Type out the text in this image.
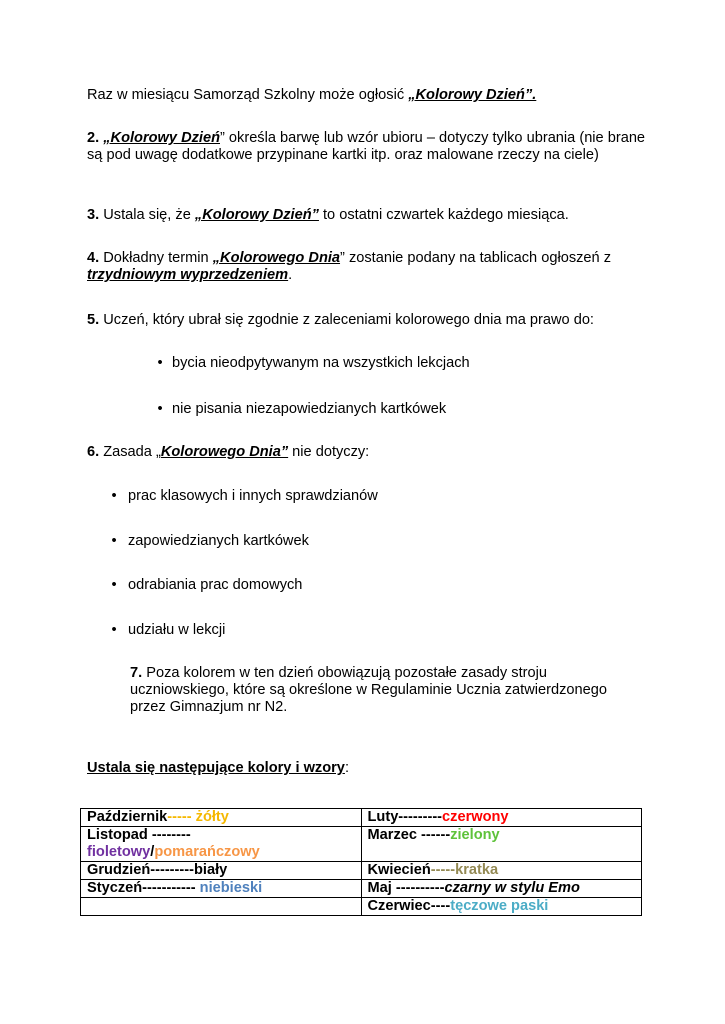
Raz w miesiącu Samorząd Szkolny może ogłosić „Kolorowy Dzień”.

2. „Kolorowy Dzień” określa barwę lub wzór ubioru – dotyczy tylko ubrania (nie brane są pod uwagę dodatkowe przypinane kartki itp. oraz malowane rzeczy na ciele)

3. Ustala się, że „Kolorowy Dzień” to ostatni czwartek każdego miesiąca.

4. Dokładny termin „Kolorowego Dnia” zostanie podany na tablicach ogłoszeń z trzydniowym wyprzedzeniem.

5. Uczeń, który ubrał się zgodnie z zaleceniami kolorowego dnia ma prawo do:

• bycia nieodpytywanym na wszystkich lekcjach
• nie pisania niezapowiedzianych kartkówek

6. Zasada „Kolorowego Dnia” nie dotyczy:

• prac klasowych i innych sprawdzianów
• zapowiedzianych kartkówek
• odrabiania prac domowych
• udziału w lekcji

7. Poza kolorem w ten dzień obowiązują pozostałe zasady stroju uczniowskiego, które są określone w Regulaminie Ucznia zatwierdzonego przez Gimnazjum nr N2.

Ustala się następujące kolory i wzory:

Październik----- żółty	Luty---------czerwony
Listopad --------
fioletowy/pomarańczowy	Marzec ------zielony
Grudzień---------biały	Kwiecień-----kratka
Styczeń----------- niebieski	Maj ----------czarny w stylu Emo
	Czerwiec----tęczowe paski
